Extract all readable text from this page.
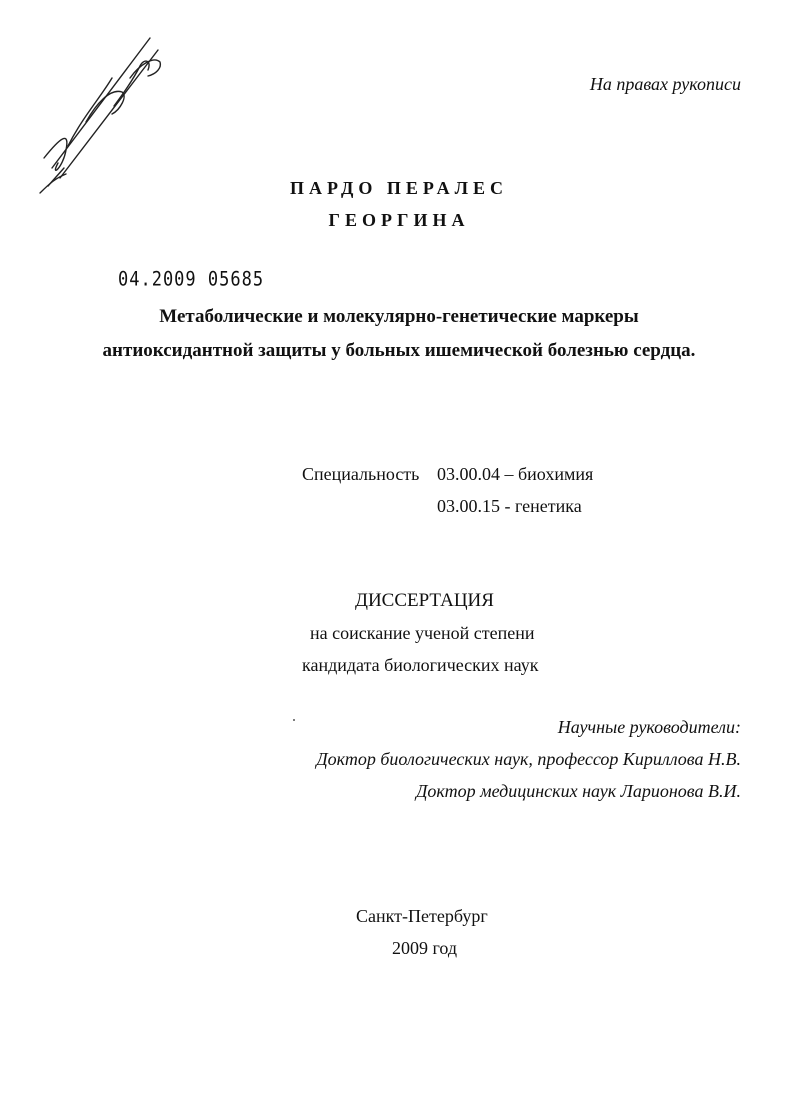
На правах рукописи
ПАРДО ПЕРАЛЕС
ГЕОРГИНА
04.2009 05685
Метаболические и молекулярно-генетические маркеры
антиоксидантной защиты у больных ишемической болезнью сердца.
Специальность 03.00.04 – биохимия
03.00.15 - генетика
ДИССЕРТАЦИЯ
на соискание ученой степени
кандидата биологических наук
Научные руководители:
Доктор биологических наук, профессор Кириллова Н.В.
Доктор медицинских наук Ларионова В.И.
Санкт-Петербург
2009 год
